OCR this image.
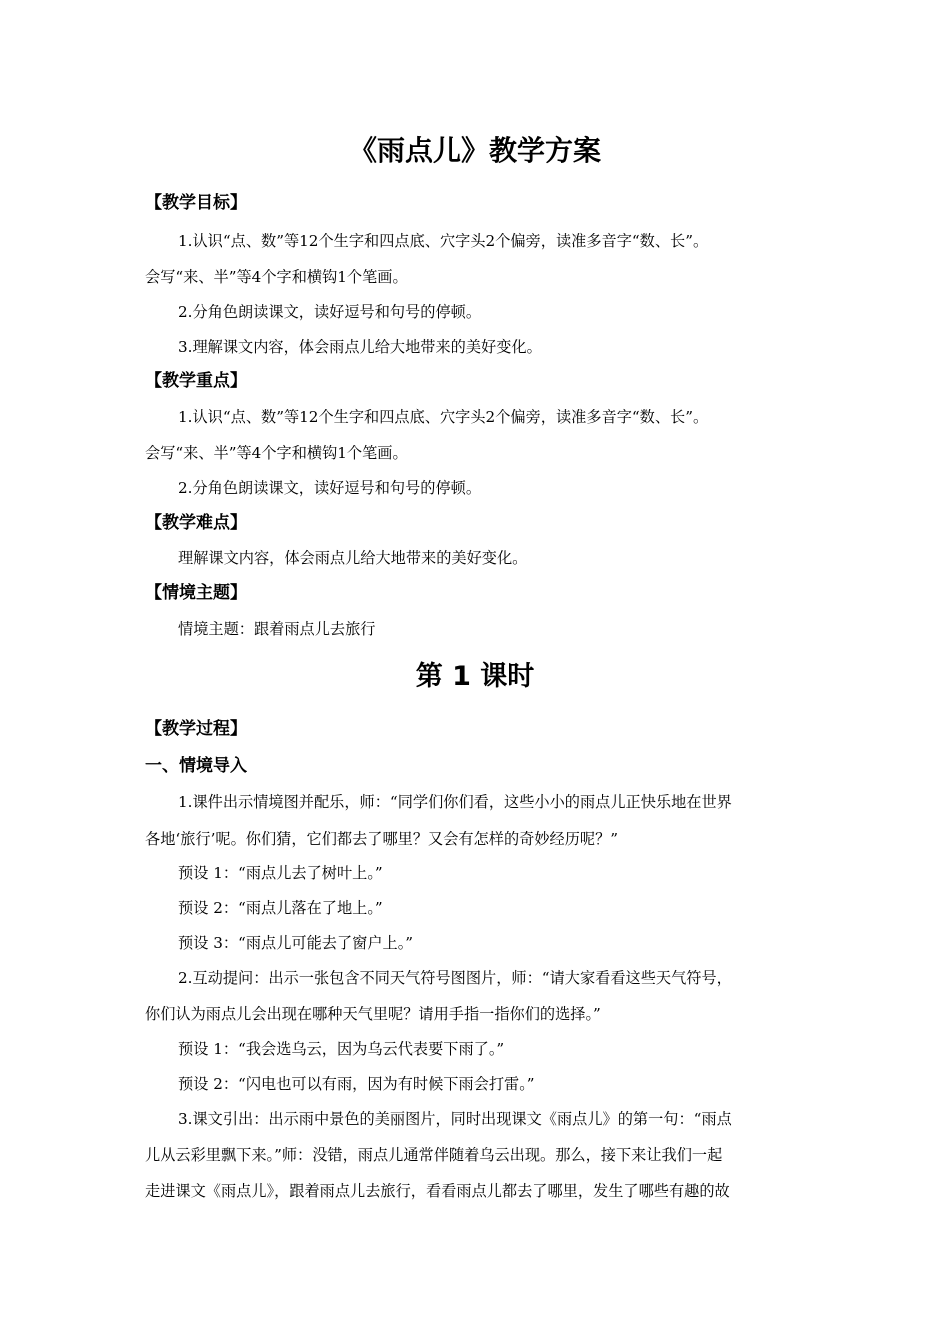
《雨点儿》教学方案
【教学目标】
1.认识“点、数”等12个生字和四点底、穴字头2个偏旁，读准多音字“数、长”。
会写“来、半”等4个字和横钩1个笔画。
2.分角色朗读课文，读好逗号和句号的停顿。
3.理解课文内容，体会雨点儿给大地带来的美好变化。
【教学重点】
1.认识“点、数”等12个生字和四点底、穴字头2个偏旁，读准多音字“数、长”。
会写“来、半”等4个字和横钩1个笔画。
2.分角色朗读课文，读好逗号和句号的停顿。
【教学难点】
理解课文内容，体会雨点儿给大地带来的美好变化。
【情境主题】
情境主题：跟着雨点儿去旅行
第 1 课时
【教学过程】
一、情境导入
1.课件出示情境图并配乐，师：“同学们你们看，这些小小的雨点儿正快乐地在世界
各地‘旅行’呢。你们猜，它们都去了哪里？又会有怎样的奇妙经历呢？”
预设 1：“雨点儿去了树叶上。”
预设 2：“雨点儿落在了地上。”
预设 3：“雨点儿可能去了窗户上。”
2.互动提问：出示一张包含不同天气符号图图片，师：“请大家看看这些天气符号，
你们认为雨点儿会出现在哪种天气里呢？请用手指一指你们的选择。”
预设 1：“我会选乌云，因为乌云代表要下雨了。”
预设 2：“闪电也可以有雨，因为有时候下雨会打雷。”
3.课文引出：出示雨中景色的美丽图片，同时出现课文《雨点儿》的第一句：“雨点
儿从云彩里飘下来。”师：没错，雨点儿通常伴随着乌云出现。那么，接下来让我们一起
走进课文《雨点儿》，跟着雨点儿去旅行，看看雨点儿都去了哪里，发生了哪些有趣的故
